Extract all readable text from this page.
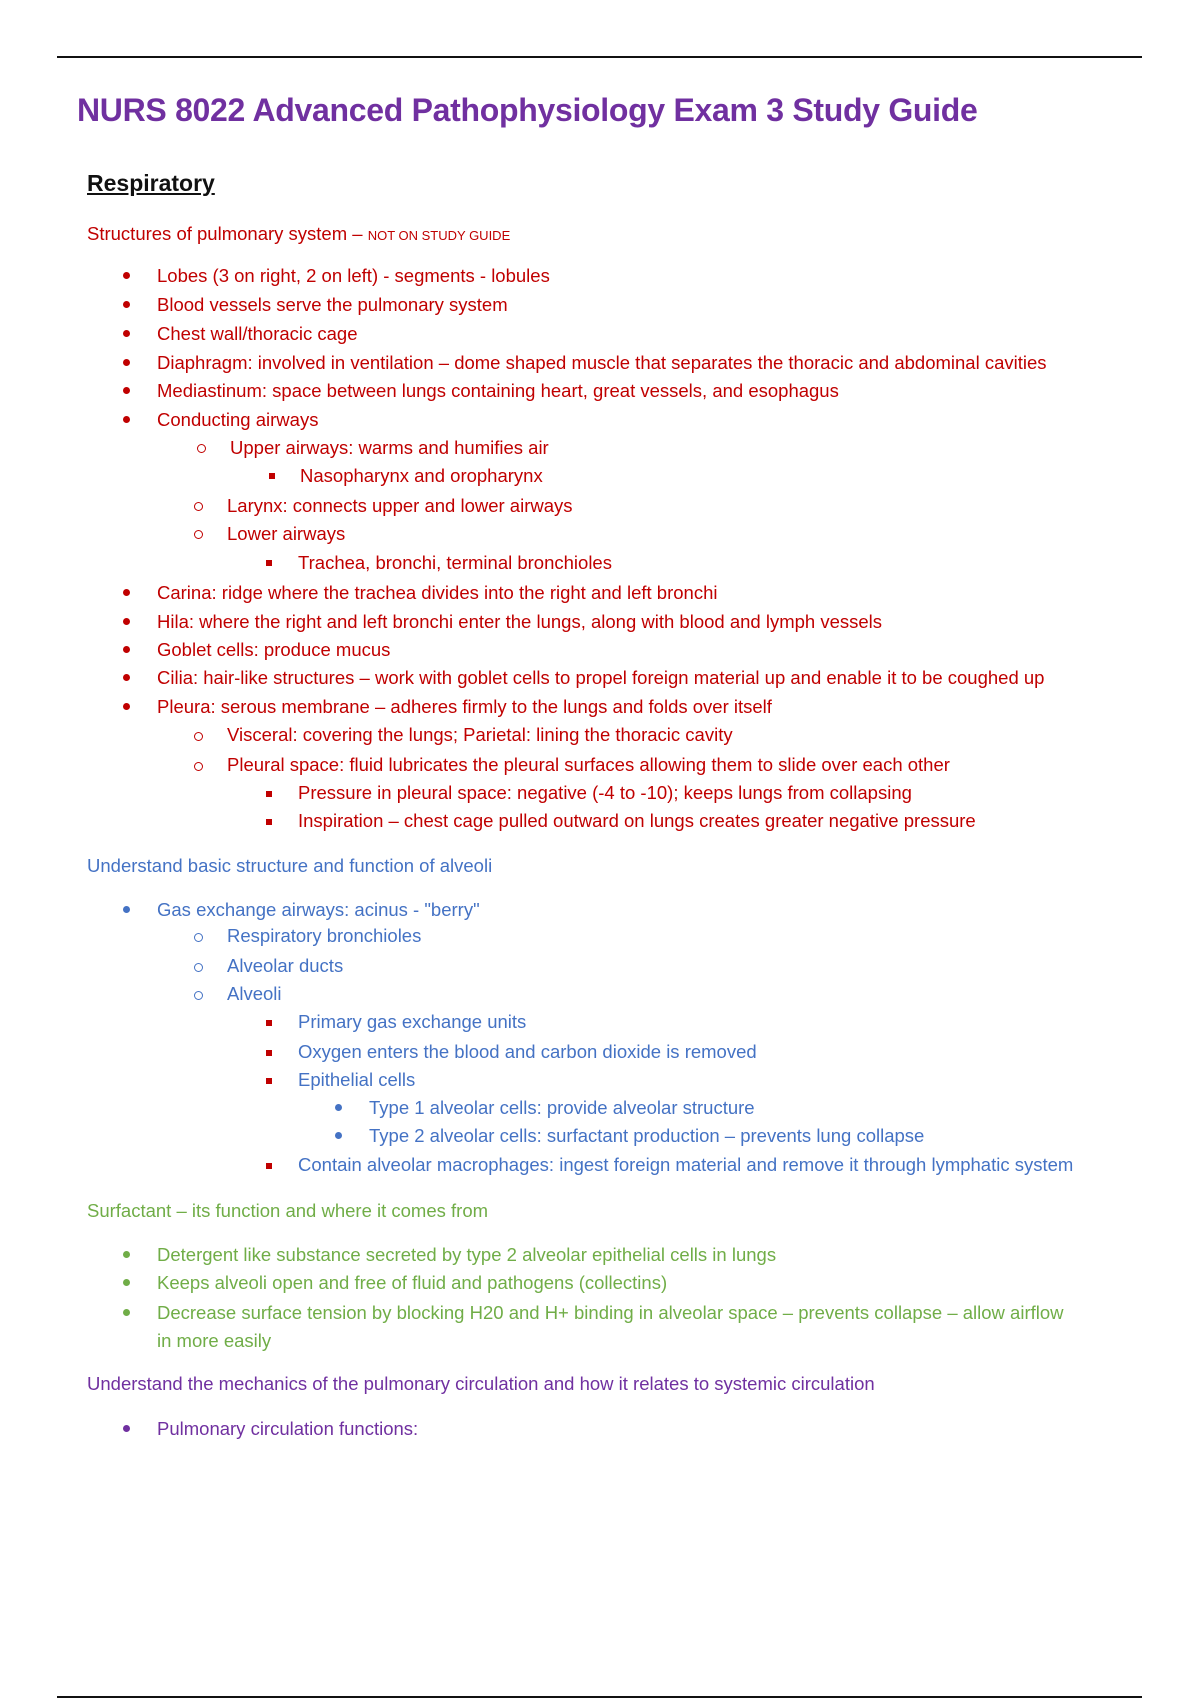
NURS 8022 Advanced Pathophysiology Exam 3 Study Guide
Respiratory
Structures of pulmonary system – NOT ON STUDY GUIDE
Lobes (3 on right, 2 on left) - segments - lobules
Blood vessels serve the pulmonary system
Chest wall/thoracic cage
Diaphragm: involved in ventilation – dome shaped muscle that separates the thoracic and abdominal cavities
Mediastinum: space between lungs containing heart, great vessels, and esophagus
Conducting airways
Upper airways: warms and humifies air
Nasopharynx and oropharynx
Larynx: connects upper and lower airways
Lower airways
Trachea, bronchi, terminal bronchioles
Carina: ridge where the trachea divides into the right and left bronchi
Hila: where the right and left bronchi enter the lungs, along with blood and lymph vessels
Goblet cells: produce mucus
Cilia: hair-like structures – work with goblet cells to propel foreign material up and enable it to be coughed up
Pleura: serous membrane – adheres firmly to the lungs and folds over itself
Visceral: covering the lungs; Parietal: lining the thoracic cavity
Pleural space: fluid lubricates the pleural surfaces allowing them to slide over each other
Pressure in pleural space: negative (-4 to -10); keeps lungs from collapsing
Inspiration – chest cage pulled outward on lungs creates greater negative pressure
Understand basic structure and function of alveoli
Gas exchange airways: acinus - "berry"
Respiratory bronchioles
Alveolar ducts
Alveoli
Primary gas exchange units
Oxygen enters the blood and carbon dioxide is removed
Epithelial cells
Type 1 alveolar cells: provide alveolar structure
Type 2 alveolar cells: surfactant production – prevents lung collapse
Contain alveolar macrophages: ingest foreign material and remove it through lymphatic system
Surfactant – its function and where it comes from
Detergent like substance secreted by type 2 alveolar epithelial cells in lungs
Keeps alveoli open and free of fluid and pathogens (collectins)
Decrease surface tension by blocking H20 and H+ binding in alveolar space – prevents collapse – allow airflow
in more easily
Understand the mechanics of the pulmonary circulation and how it relates to systemic circulation
Pulmonary circulation functions:
